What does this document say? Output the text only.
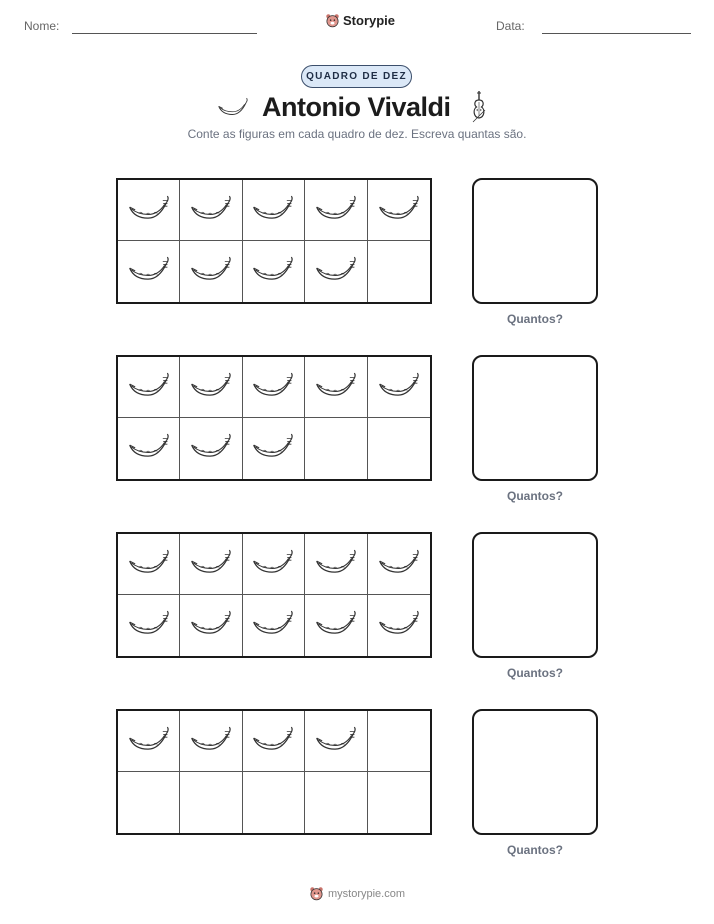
Nome:	Storypie	Data:
QUADRO DE DEZ
Antonio Vivaldi
Conte as figuras em cada quadro de dez. Escreva quantas são.
Quantos?
Quantos?
Quantos?
Quantos?
mystorypie.com
